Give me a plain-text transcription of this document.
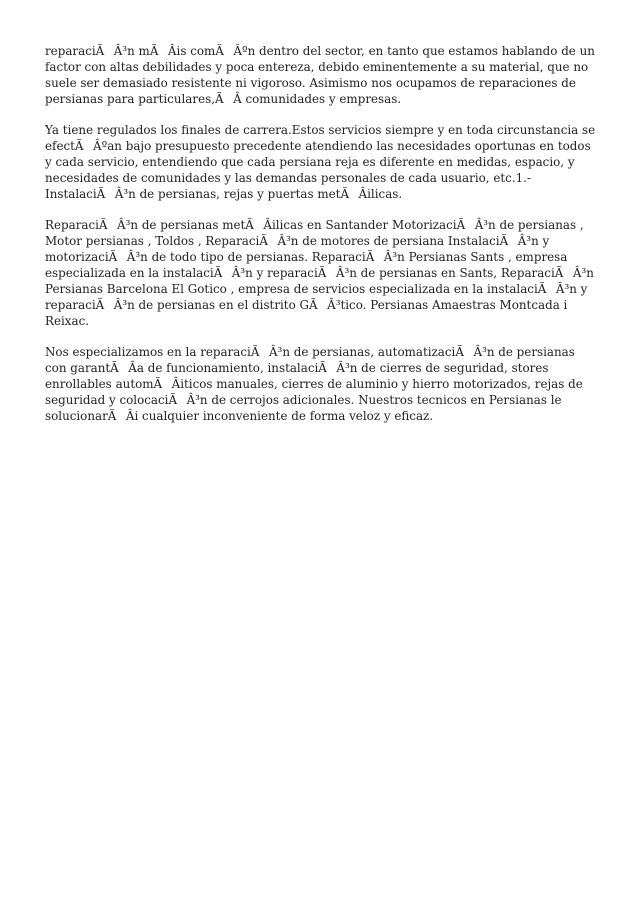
reparaciÃÂ³n mÃÂis comÃÂºn dentro del sector, en tanto que estamos hablando de un factor con altas debilidades y poca entereza, debido eminentemente a su material, que no suele ser demasiado resistente ni vigoroso. Asimismo nos ocupamos de reparaciones de persianas para particulares,ÃÂ comunidades y empresas.

Ya tiene regulados los finales de carrera.Estos servicios siempre y en toda circunstancia se efectÃÂºan bajo presupuesto precedente atendiendo las necesidades oportunas en todos y cada servicio, entendiendo que cada persiana reja es diferente en medidas, espacio, y necesidades de comunidades y las demandas personales de cada usuario, etc.1.- InstalaciÃÂ³n de persianas, rejas y puertas metÃÂilicas.

ReparaciÃÂ³n de persianas metÃÂilicas en Santander MotorizaciÃÂ³n de persianas , Motor persianas , Toldos , ReparaciÃÂ³n de motores de persiana InstalaciÃÂ³n y motorizaciÃÂ³n de todo tipo de persianas. ReparaciÃÂ³n Persianas Sants , empresa especializada en la instalaciÃÂ³n y reparaciÃÂ³n de persianas en Sants, ReparaciÃÂ³n Persianas Barcelona El Gotico , empresa de servicios especializada en la instalaciÃÂ³n y reparaciÃÂ³n de persianas en el distrito GÃÂ³tico. Persianas Amaestras Montcada i Reixac.

Nos especializamos en la reparaciÃÂ³n de persianas, automatizaciÃÂ³n de persianas con garantÃÂa de funcionamiento, instalaciÃÂ³n de cierres de seguridad, stores enrollables automÃÂiticos manuales, cierres de aluminio y hierro motorizados, rejas de seguridad y colocaciÃÂ³n de cerrojos adicionales. Nuestros tecnicos en Persianas le solucionarÃÂi cualquier inconveniente de forma veloz y eficaz.
